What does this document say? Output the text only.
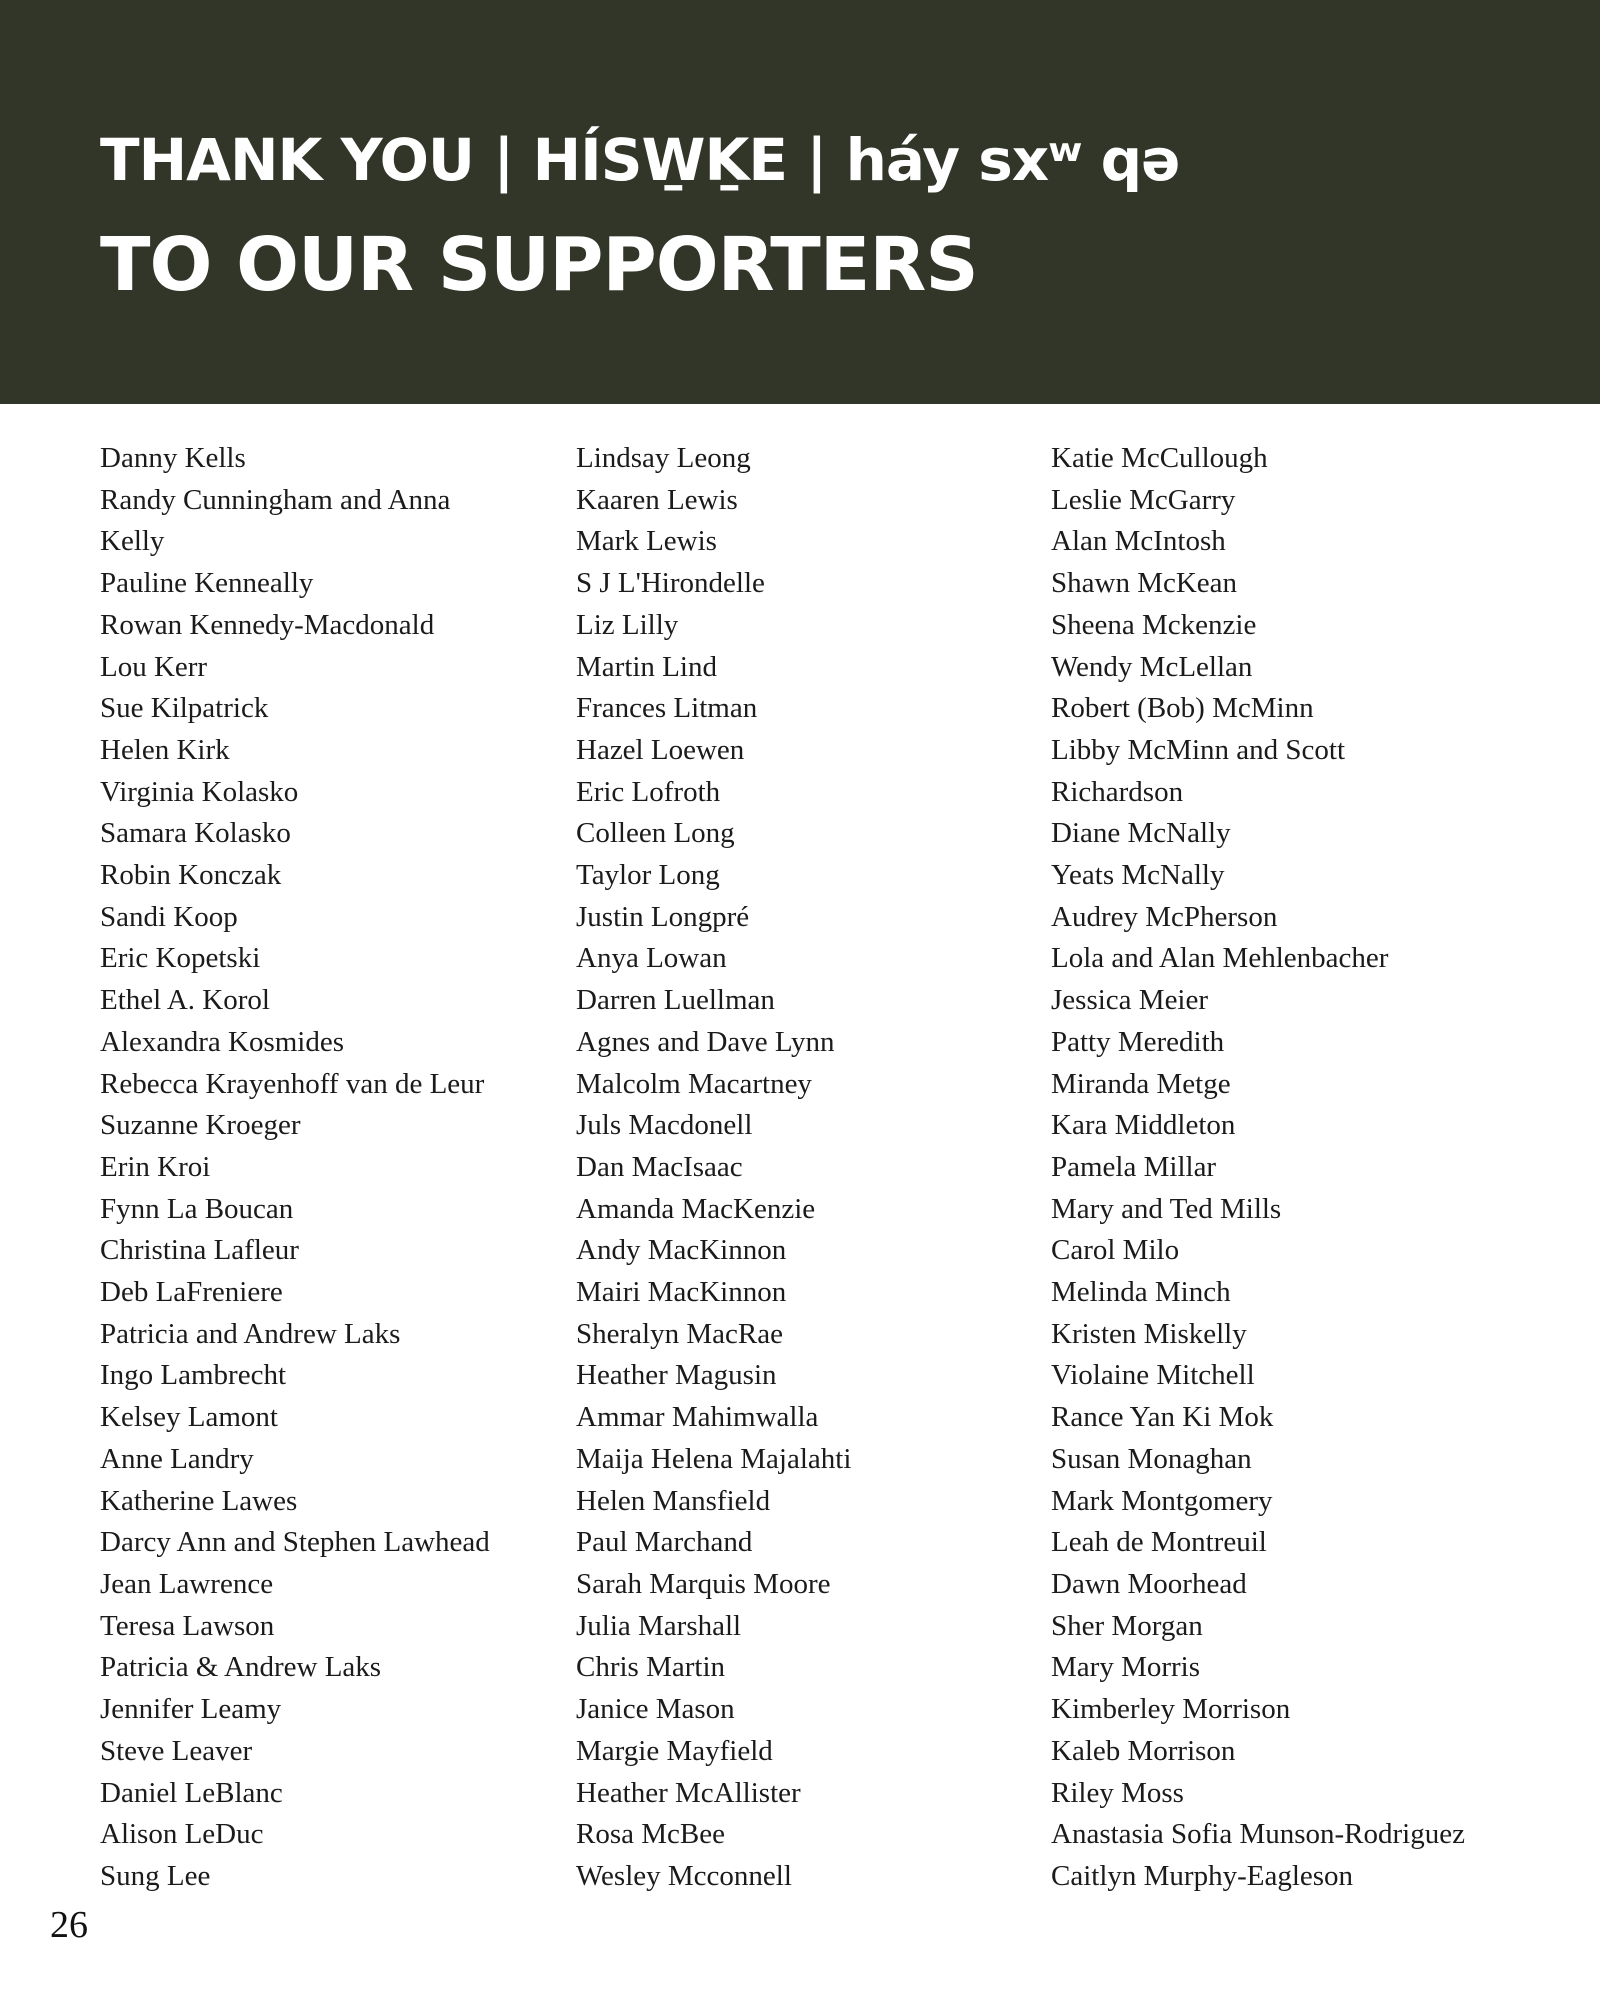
THANK YOU | HÍSW̱ḴE | háy sxʷ qə
TO OUR SUPPORTERS
Danny Kells
Randy Cunningham and Anna
Kelly
Pauline Kenneally
Rowan Kennedy-Macdonald
Lou Kerr
Sue Kilpatrick
Helen Kirk
Virginia Kolasko
Samara Kolasko
Robin Konczak
Sandi Koop
Eric Kopetski
Ethel A. Korol
Alexandra Kosmides
Rebecca Krayenhoff van de Leur
Suzanne Kroeger
Erin Kroi
Fynn La Boucan
Christina Lafleur
Deb LaFreniere
Patricia and Andrew Laks
Ingo Lambrecht
Kelsey Lamont
Anne Landry
Katherine Lawes
Darcy Ann and Stephen Lawhead
Jean Lawrence
Teresa Lawson
Patricia & Andrew Laks
Jennifer Leamy
Steve Leaver
Daniel LeBlanc
Alison LeDuc
Sung Lee
Lindsay Leong
Kaaren Lewis
Mark Lewis
S J L'Hirondelle
Liz Lilly
Martin Lind
Frances Litman
Hazel Loewen
Eric Lofroth
Colleen Long
Taylor Long
Justin Longpré
Anya Lowan
Darren Luellman
Agnes and Dave Lynn
Malcolm Macartney
Juls Macdonell
Dan MacIsaac
Amanda MacKenzie
Andy MacKinnon
Mairi MacKinnon
Sheralyn MacRae
Heather Magusin
Ammar Mahimwalla
Maija Helena Majalahti
Helen Mansfield
Paul Marchand
Sarah Marquis Moore
Julia Marshall
Chris Martin
Janice Mason
Margie Mayfield
Heather McAllister
Rosa McBee
Wesley Mcconnell
Katie McCullough
Leslie McGarry
Alan McIntosh
Shawn McKean
Sheena Mckenzie
Wendy McLellan
Robert (Bob) McMinn
Libby McMinn and Scott
Richardson
Diane McNally
Yeats McNally
Audrey McPherson
Lola and Alan Mehlenbacher
Jessica Meier
Patty Meredith
Miranda Metge
Kara Middleton
Pamela Millar
Mary and Ted Mills
Carol Milo
Melinda Minch
Kristen Miskelly
Violaine Mitchell
Rance Yan Ki Mok
Susan Monaghan
Mark Montgomery
Leah de Montreuil
Dawn Moorhead
Sher Morgan
Mary Morris
Kimberley Morrison
Kaleb Morrison
Riley Moss
Anastasia Sofia Munson-Rodriguez
Caitlyn Murphy-Eagleson
26
